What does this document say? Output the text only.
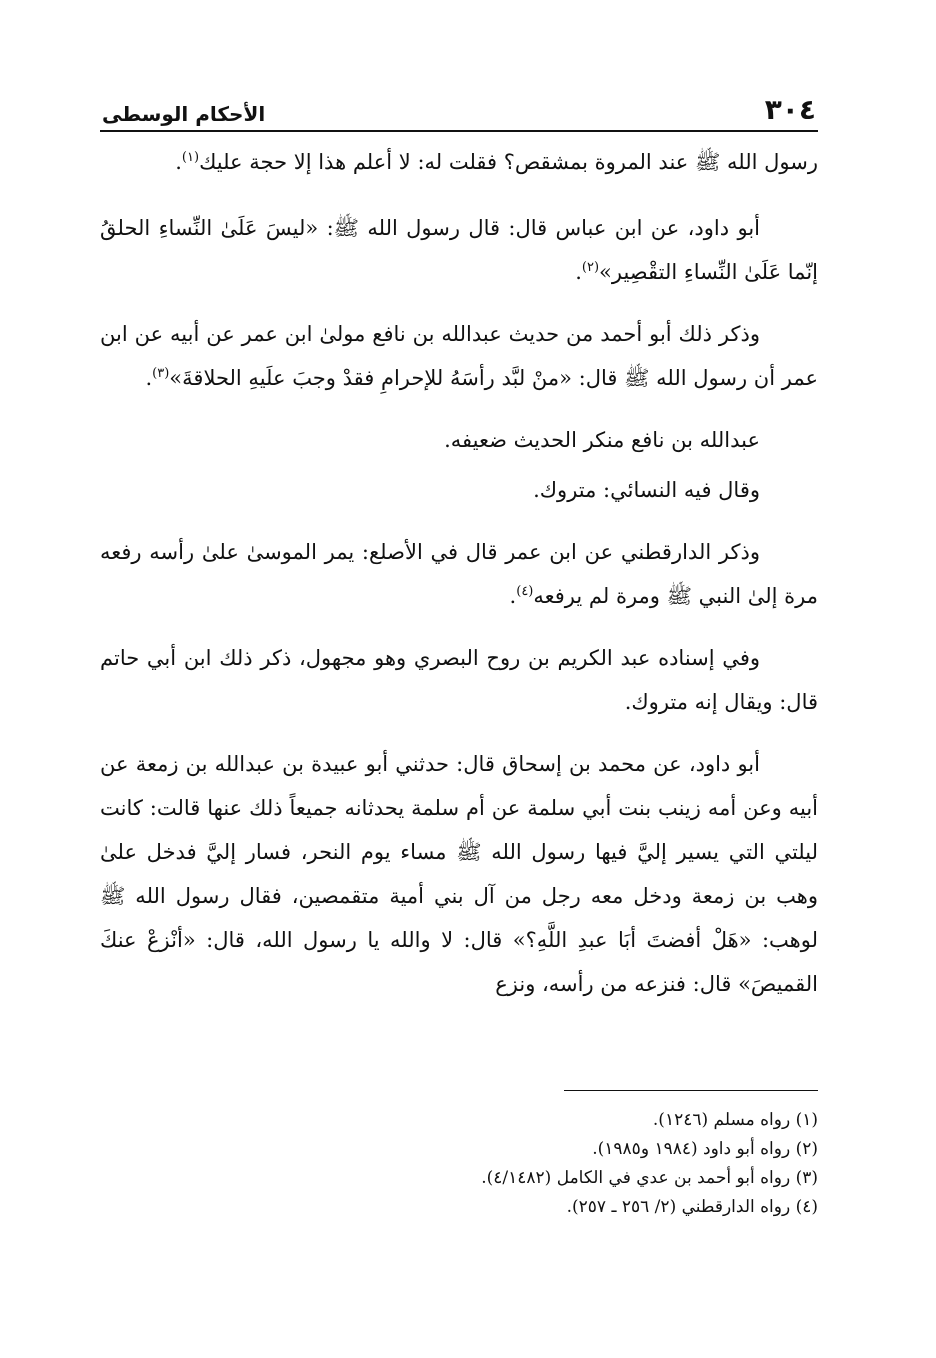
٣٠٤
الأحكام الوسطى

رسول الله ﷺ عند المروة بمشقص؟ فقلت له: لا أعلم هذا إلا حجة عليك$^{(١)}$.

أبو داود، عن ابن عباس قال: قال رسول الله ﷺ: «ليسَ عَلَىٰ النِّساءِ الحلقُ إنّما عَلَىٰ النِّساءِ التقْصِير»$^{(٢)}$.

وذكر ذلك أبو أحمد من حديث عبدالله بن نافع مولىٰ ابن عمر عن أبيه عن ابن عمر أن رسول الله ﷺ قال: «منْ لبَّد رأسَهُ للإحرامِ فقدْ وجبَ علَيهِ الحلاقةَ»$^{(٣)}$.

عبدالله بن نافع منكر الحديث ضعيفه.

وقال فيه النسائي: متروك.

وذكر الدارقطني عن ابن عمر قال في الأصلع: يمر الموسىٰ علىٰ رأسه رفعه مرة إلىٰ النبي ﷺ ومرة لم يرفعه$^{(٤)}$.

وفي إسناده عبد الكريم بن روح البصري وهو مجهول، ذكر ذلك ابن أبي حاتم قال: ويقال إنه متروك.

أبو داود، عن محمد بن إسحاق قال: حدثني أبو عبيدة بن عبدالله بن زمعة عن أبيه وعن أمه زينب بنت أبي سلمة عن أم سلمة يحدثانه جميعاً ذلك عنها قالت: كانت ليلتي التي يسير إليَّ فيها رسول الله ﷺ مساء يوم النحر، فسار إليَّ فدخل علىٰ وهب بن زمعة ودخل معه رجل من آل بني أمية متقمصين، فقال رسول الله ﷺ لوهب: «هَلْ أفضتَ أبَا عبدِ اللَّهِ؟» قال: لا والله يا رسول الله، قال: «أنْزعْ عنكَ القميصَ» قال: فنزعه من رأسه، ونزع

(١) رواه مسلم (١٢٤٦).

(٢) رواه أبو داود (١٩٨٤ و١٩٨٥).

(٣) رواه أبو أحمد بن عدي في الكامل (٤/١٤٨٢).

(٤) رواه الدارقطني (٢/ ٢٥٦ ـ ٢٥٧).
